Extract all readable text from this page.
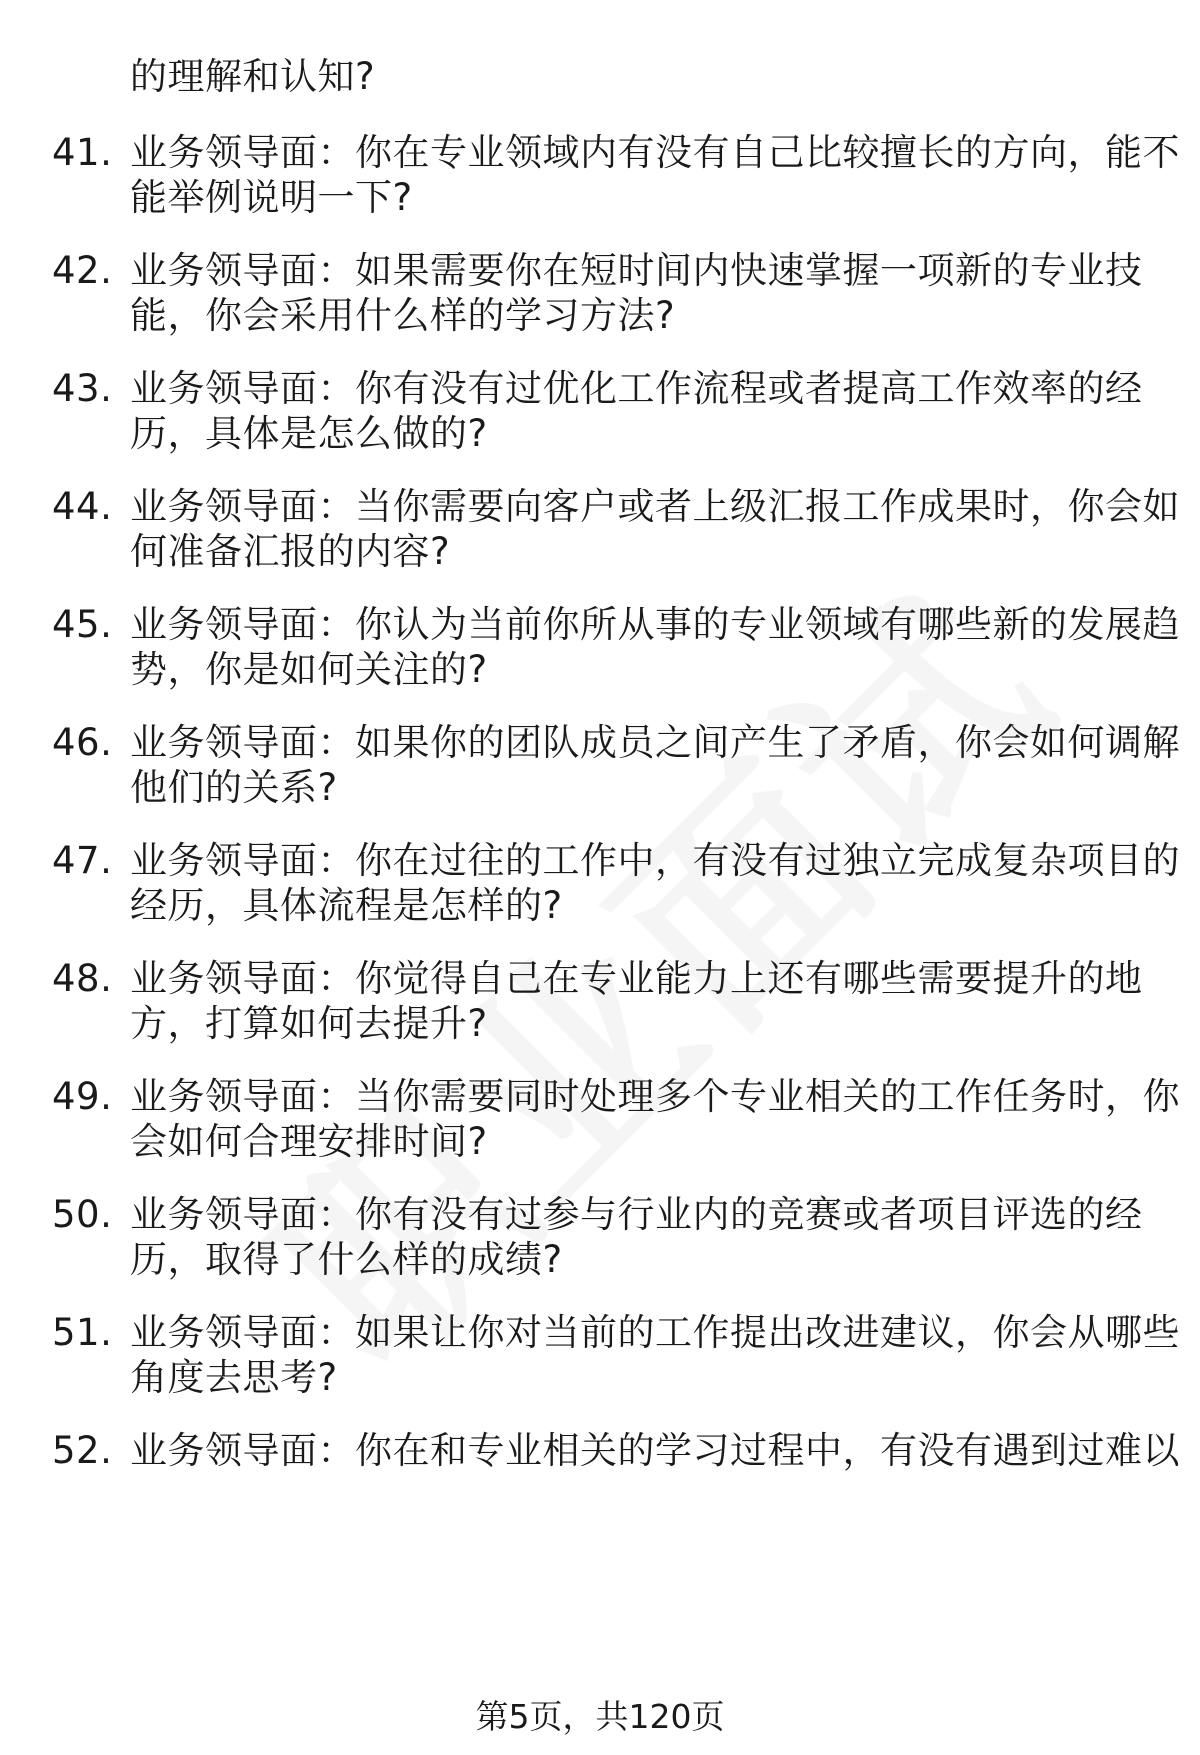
的理解和认知?
41. 业务领导面：你在专业领域内有没有自己比较擅长的方向，能不
能举例说明一下?
42. 业务领导面：如果需要你在短时间内快速掌握一项新的专业技
能，你会采用什么样的学习方法?
43. 业务领导面：你有没有过优化工作流程或者提高工作效率的经
历，具体是怎么做的?
44. 业务领导面：当你需要向客户或者上级汇报工作成果时，你会如
何准备汇报的内容?
45. 业务领导面：你认为当前你所从事的专业领域有哪些新的发展趋
势，你是如何关注的?
46. 业务领导面：如果你的团队成员之间产生了矛盾，你会如何调解
他们的关系?
47. 业务领导面：你在过往的工作中，有没有过独立完成复杂项目的
经历，具体流程是怎样的?
48. 业务领导面：你觉得自己在专业能力上还有哪些需要提升的地
方，打算如何去提升?
49. 业务领导面：当你需要同时处理多个专业相关的工作任务时，你
会如何合理安排时间?
50. 业务领导面：你有没有过参与行业内的竞赛或者项目评选的经
历，取得了什么样的成绩?
51. 业务领导面：如果让你对当前的工作提出改进建议，你会从哪些
角度去思考?
52. 业务领导面：你在和专业相关的学习过程中，有没有遇到过难以
第5页，共120页
